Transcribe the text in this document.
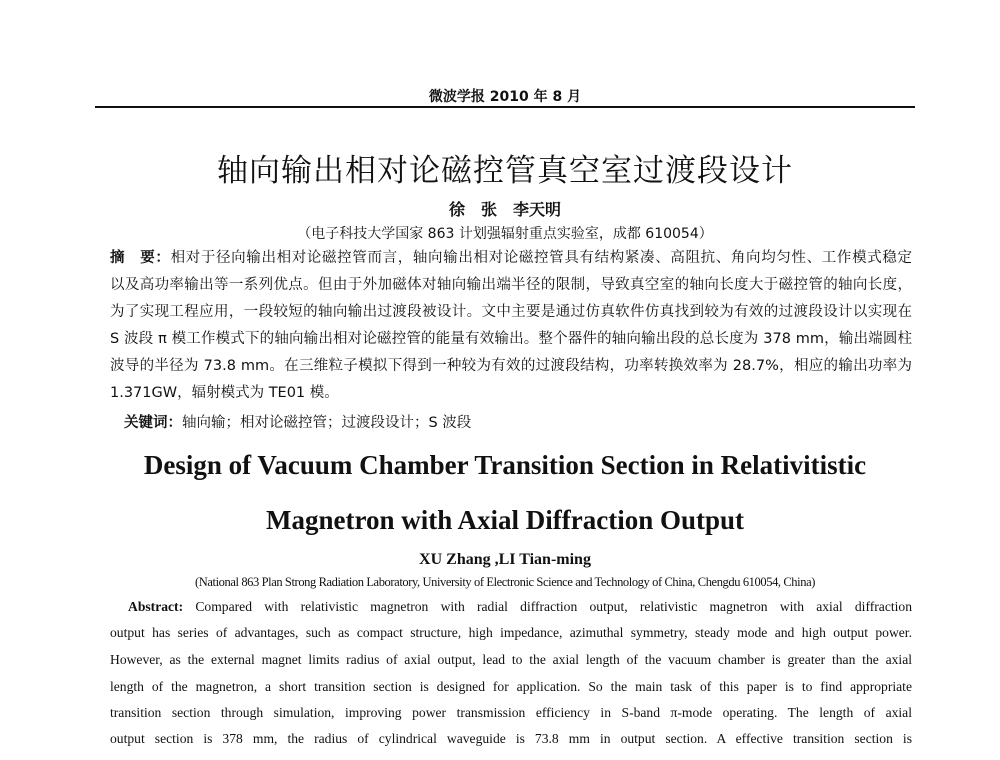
微波学报 2010 年 8 月
轴向输出相对论磁控管真空室过渡段设计
徐　张　李天明
（电子科技大学国家 863 计划强辐射重点实验室，成都 610054）
摘　要：相对于径向输出相对论磁控管而言，轴向输出相对论磁控管具有结构紧凑、高阻抗、角向均匀性、工作模式稳定
以及高功率输出等一系列优点。但由于外加磁体对轴向输出端半径的限制，导致真空室的轴向长度大于磁控管的轴向长度，
为了实现工程应用，一段较短的轴向输出过渡段被设计。文中主要是通过仿真软件仿真找到较为有效的过渡段设计以实现在
S 波段 π 模工作模式下的轴向输出相对论磁控管的能量有效输出。整个器件的轴向输出段的总长度为 378 mm，输出端圆柱
波导的半径为 73.8 mm。在三维粒子模拟下得到一种较为有效的过渡段结构，功率转换效率为 28.7%，相应的输出功率为
1.371GW，辐射模式为 TE01 模。
关键词：轴向输；相对论磁控管；过渡段设计；S 波段
Design of Vacuum Chamber Transition Section in Relativitistic
Magnetron with Axial Diffraction Output
XU Zhang ,LI Tian-ming
(National 863 Plan Strong Radiation Laboratory, University of Electronic Science and Technology of China, Chengdu 610054, China)
Abstract: Compared with relativistic magnetron with radial diffraction output, relativistic magnetron with axial diffraction
output has series of advantages, such as compact structure, high impedance, azimuthal symmetry, steady mode and high output power.
However, as the external magnet limits radius of axial output, lead to the axial length of the vacuum chamber is greater than the axial
length of the magnetron, a short transition section is designed for application. So the main task of this paper is to find appropriate
transition section through simulation, improving power transmission efficiency in S-band π-mode operating. The length of axial
output section is 378 mm, the radius of cylindrical waveguide is 73.8 mm in output section. A effective transition section is
